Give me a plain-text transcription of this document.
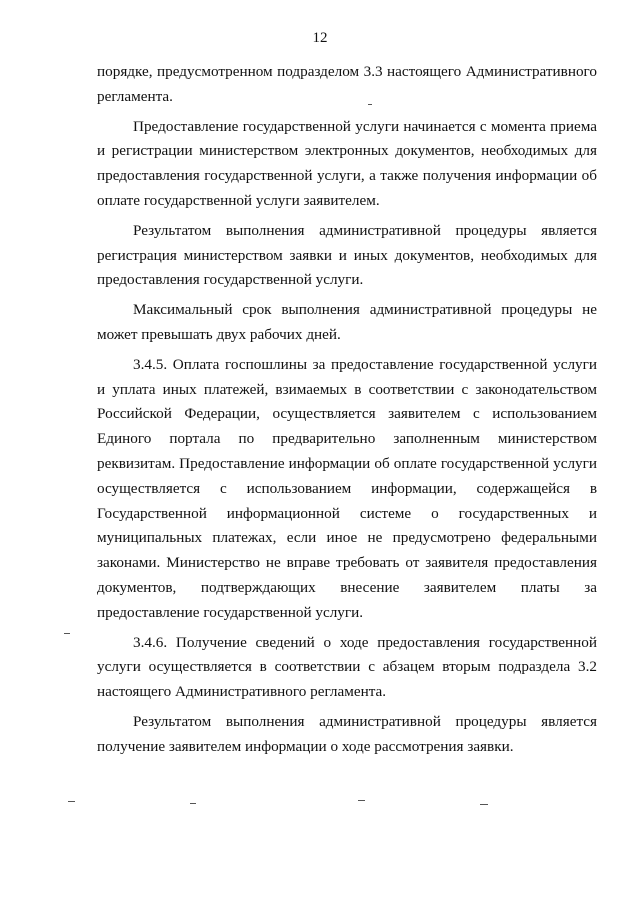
12

порядке, предусмотренном подразделом 3.3 настоящего Административного регламента.

Предоставление государственной услуги начинается с момента приема и регистрации министерством электронных документов, необходимых для предоставления государственной услуги, а также получения информации об оплате государственной услуги заявителем.

Результатом выполнения административной процедуры является регистрация министерством заявки и иных документов, необходимых для предоставления государственной услуги.

Максимальный срок выполнения административной процедуры не может превышать двух рабочих дней.

3.4.5. Оплата госпошлины за предоставление государственной услуги и уплата иных платежей, взимаемых в соответствии с законодательством Российской Федерации, осуществляется заявителем с использованием Единого портала по предварительно заполненным министерством реквизитам. Предоставление информации об оплате государственной услуги осуществляется с использованием информации, содержащейся в Государственной информационной системе о государственных и муниципальных платежах, если иное не предусмотрено федеральными законами. Министерство не вправе требовать от заявителя предоставления документов, подтверждающих внесение заявителем платы за предоставление государственной услуги.

3.4.6. Получение сведений о ходе предоставления государственной услуги осуществляется в соответствии с абзацем вторым подраздела 3.2 настоящего Административного регламента.

Результатом выполнения административной процедуры является получение заявителем информации о ходе рассмотрения заявки.
